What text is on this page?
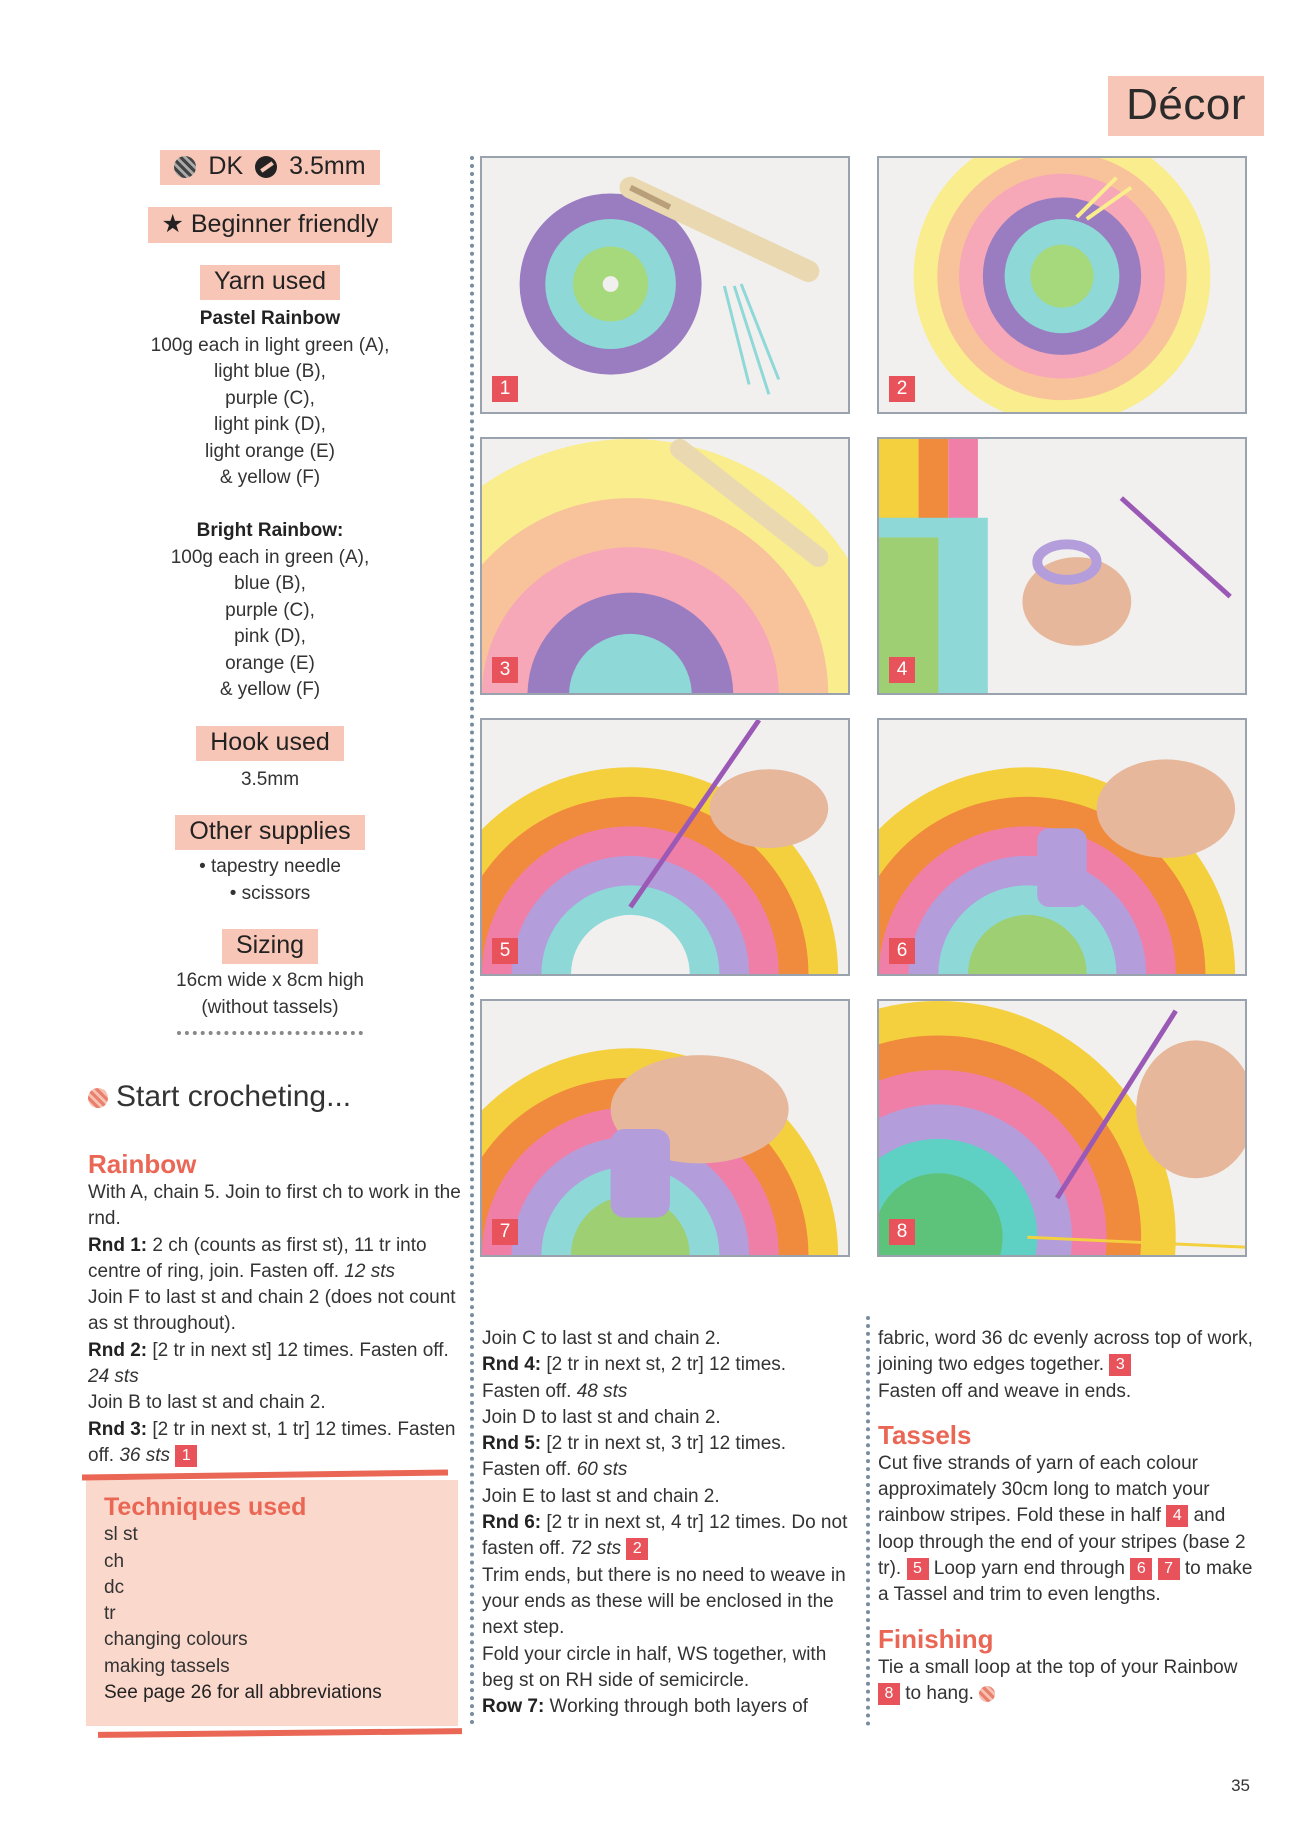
Décor
DK 3.5mm
★ Beginner friendly
Yarn used
Pastel Rainbow
100g each in light green (A),
light blue (B),
purple (C),
light pink (D),
light orange (E)
& yellow (F)

Bright Rainbow:
100g each in green (A),
blue (B),
purple (C),
pink (D),
orange (E)
& yellow (F)
Hook used
3.5mm
Other supplies
• tapestry needle
• scissors
Sizing
16cm wide x 8cm high
(without tassels)
Start crocheting...
Rainbow

With A, chain 5. Join to first ch to work in the rnd.

Rnd 1: 2 ch (counts as first st), 11 tr into centre of ring, join. Fasten off. 12 sts

Join F to last st and chain 2 (does not count as st throughout).

Rnd 2: [2 tr in next st] 12 times. Fasten off. 24 sts

Join B to last st and chain 2.

Rnd 3: [2 tr in next st, 1 tr] 12 times. Fasten off. 36 sts 1

Techniques used
sl st
ch
dc
tr
changing colours
making tassels
See page 26 for all abbreviations
1	2
3	4
5	6
7	8

Join C to last st and chain 2.

Rnd 4: [2 tr in next st, 2 tr] 12 times. Fasten off. 48 sts

Join D to last st and chain 2.

Rnd 5: [2 tr in next st, 3 tr] 12 times. Fasten off. 60 sts

Join E to last st and chain 2.

Rnd 6: [2 tr in next st, 4 tr] 12 times. Do not fasten off. 72 sts 2

Trim ends, but there is no need to weave in your ends as these will be enclosed in the next step.

Fold your circle in half, WS together, with beg st on RH side of semicircle.

Row 7: Working through both layers of

fabric, word 36 dc evenly across top of work, joining two edges together. 3

Fasten off and weave in ends.

Tassels

Cut five strands of yarn of each colour approximately 30cm long to match your rainbow stripes. Fold these in half 4 and loop through the end of your stripes (base 2 tr). 5 Loop yarn end through 6 7 to make a Tassel and trim to even lengths.

Finishing

Tie a small loop at the top of your Rainbow 8 to hang.

35
